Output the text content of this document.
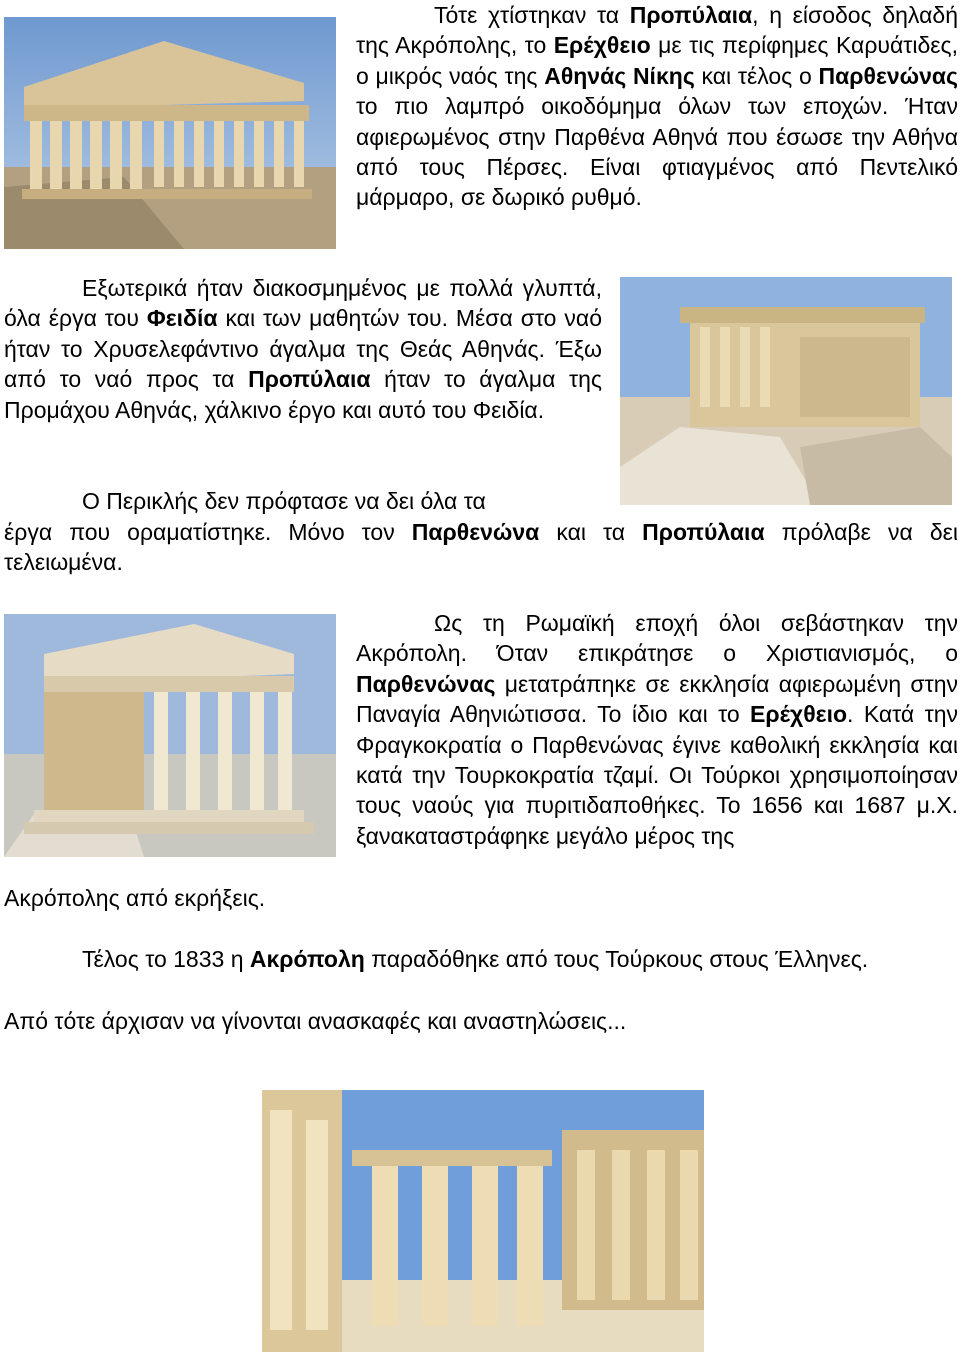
Τότε χτίστηκαν τα Προπύλαια, η είσοδος δηλαδή της Ακρόπολης, το Ερέχθειο με τις περίφημες Καρυάτιδες, ο μικρός ναός της Αθηνάς Νίκης και τέλος ο Παρθενώνας το πιο λαμπρό οικοδόμημα όλων των εποχών. Ήταν αφιερωμένος στην Παρθένα Αθηνά που έσωσε την Αθήνα από τους Πέρσες. Είναι φτιαγμένος από Πεντελικό μάρμαρο, σε δωρικό ρυθμό.

Εξωτερικά ήταν διακοσμημένος με πολλά γλυπτά, όλα έργα του Φειδία και των μαθητών του. Μέσα στο ναό ήταν το Χρυσελεφάντινο άγαλμα της Θεάς Αθηνάς. Έξω από το ναό προς τα Προπύλαια ήταν το άγαλμα της Προμάχου Αθηνάς, χάλκινο έργο και αυτό του Φειδία.

Ο Περικλής δεν πρόφτασε να δει όλα τα

έργα που οραματίστηκε. Μόνο τον Παρθενώνα και τα Προπύλαια πρόλαβε να δει τελειωμένα.

Ως τη Ρωμαϊκή εποχή όλοι σεβάστηκαν την Ακρόπολη. Όταν επικράτησε ο Χριστιανισμός, ο Παρθενώνας μετατράπηκε σε εκκλησία αφιερωμένη στην Παναγία Αθηνιώτισσα. Το ίδιο και το Ερέχθειο. Κατά την Φραγκοκρατία ο Παρθενώνας έγινε καθολική εκκλησία και κατά την Τουρκοκρατία τζαμί. Οι Τούρκοι χρησιμοποίησαν τους ναούς για πυριτιδαποθήκες. Το 1656 και 1687 μ.Χ. ξανακαταστράφηκε μεγάλο μέρος της

Ακρόπολης από εκρήξεις.

Τέλος το 1833 η Ακρόπολη παραδόθηκε από τους Τούρκους στους Έλληνες.

Από τότε άρχισαν να γίνονται ανασκαφές και αναστηλώσεις...
